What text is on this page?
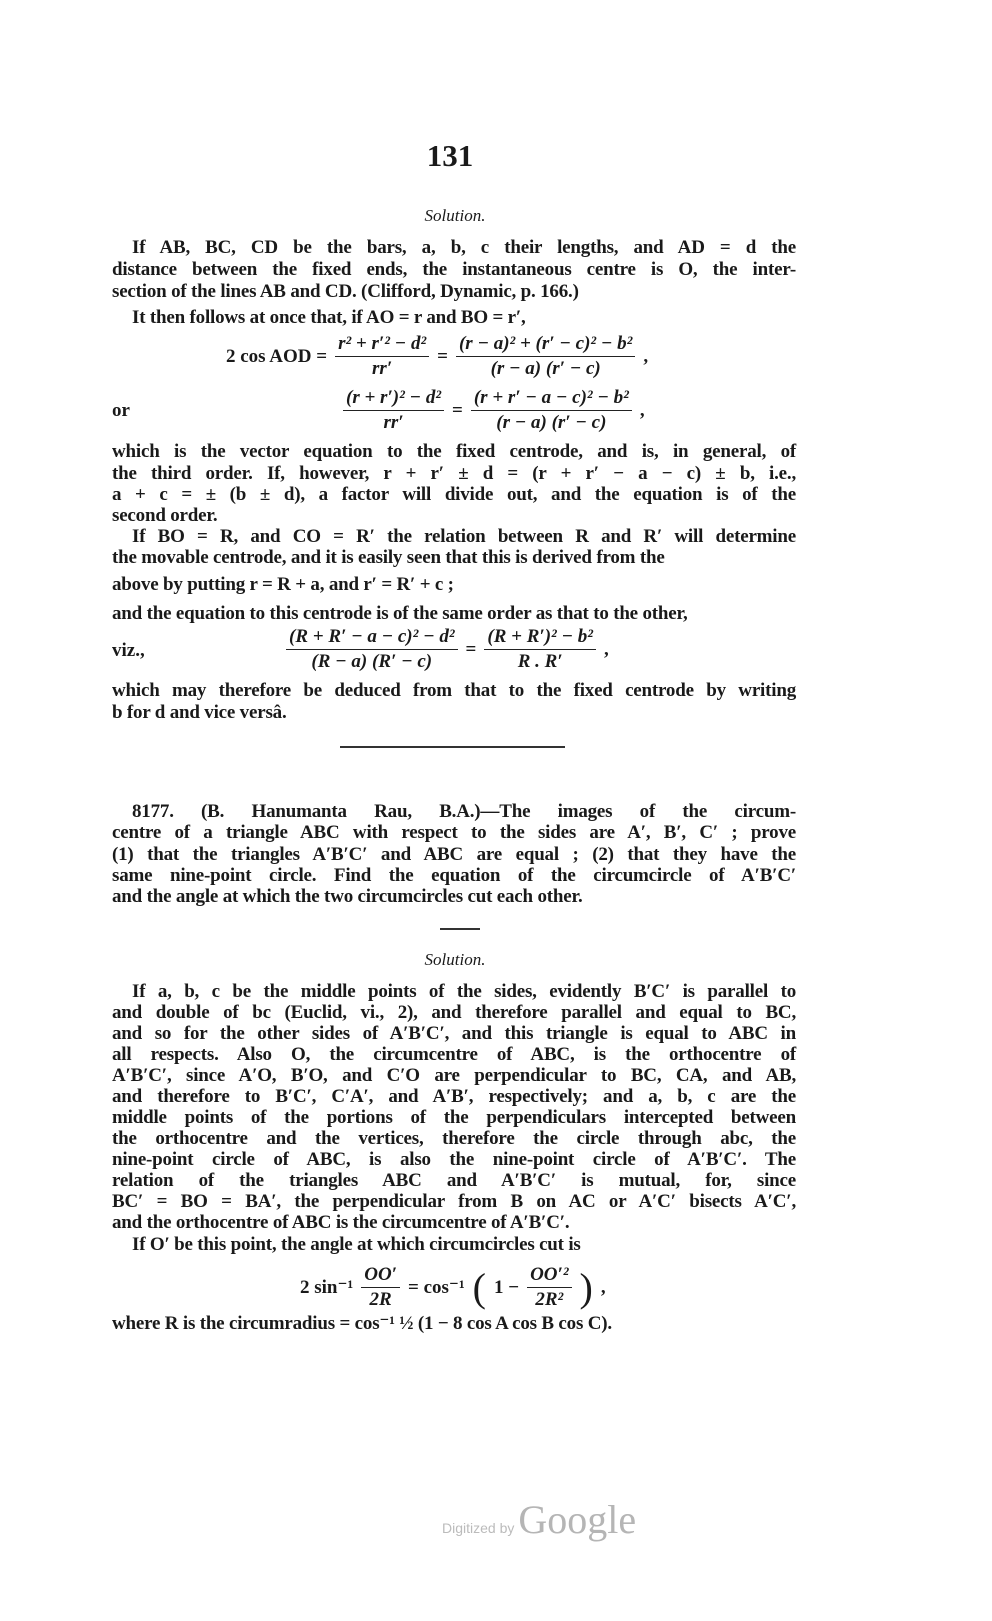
131
Solution.
2 cos AOD = $\frac{\text{r² + r′² − d²}}{rr'} = \frac{\text{(r − a)² + (r′ − c)² − b²}}{(r - a) (r' - c)}$ ,
or	$\frac{\text{(r + r′)² − d²}}{rr'} = \frac{\text{(r + r′ − a − c)² − b²}}{(r - a) (r' - c)}$ ,
viz.,	$\frac{\text{(R + R′ − a − c)² − d²}}{(R - a) (R' - c)} = \frac{\text{(R + R′)² − b²}}{R . R'}$ ,
Solution.
2 $\sin^{-1} \frac{OO'}{2R} = \cos^{-1}$ ( $1 - \frac{\text{OO′²}}{\text{2R²}}$ ) ,
If AB, BC, CD be the bars, a, b, c their lengths, and AD = d the
distance between the fixed ends, the instantaneous centre is O, the inter-
section of the lines AB and CD. (Clifford, Dynamic, p. 166.)
It then follows at once that, if AO = r and BO = r′,
which is the vector equation to the fixed centrode, and is, in general, of
the third order. If, however, r + r′ ± d = (r + r′ − a − c) ± b, i.e.,
a + c = ± (b ± d), a factor will divide out, and the equation is of the
second order.
If BO = R, and CO = R′ the relation between R and R′ will determine
the movable centrode, and it is easily seen that this is derived from the
above by putting r = R + a, and r′ = R′ + c ;
and the equation to this centrode is of the same order as that to the other,
which may therefore be deduced from that to the fixed centrode by writing
b for d and vice versâ.
8177. (B. Hanumanta Rau, B.A.)—The images of the circum-
centre of a triangle ABC with respect to the sides are A′, B′, C′ ; prove
(1) that the triangles A′B′C′ and ABC are equal ; (2) that they have the
same nine-point circle. Find the equation of the circumcircle of A′B′C′
and the angle at which the two circumcircles cut each other.
If a, b, c be the middle points of the sides, evidently B′C′ is parallel to
and double of bc (Euclid, vi., 2), and therefore parallel and equal to BC,
and so for the other sides of A′B′C′, and this triangle is equal to ABC in
all respects. Also O, the circumcentre of ABC, is the orthocentre of
A′B′C′, since A′O, B′O, and C′O are perpendicular to BC, CA, and AB,
and therefore to B′C′, C′A′, and A′B′, respectively; and a, b, c are the
middle points of the portions of the perpendiculars intercepted between
the orthocentre and the vertices, therefore the circle through abc, the
nine-point circle of ABC, is also the nine-point circle of A′B′C′. The
relation of the triangles ABC and A′B′C′ is mutual, for, since
BC′ = BO = BA′, the perpendicular from B on AC or A′C′ bisects A′C′,
and the orthocentre of ABC is the circumcentre of A′B′C′.
If O′ be this point, the angle at which circumcircles cut is
where R is the circumradius = cos⁻¹ ½ (1 − 8 cos A cos B cos C).
Digitized by Google
